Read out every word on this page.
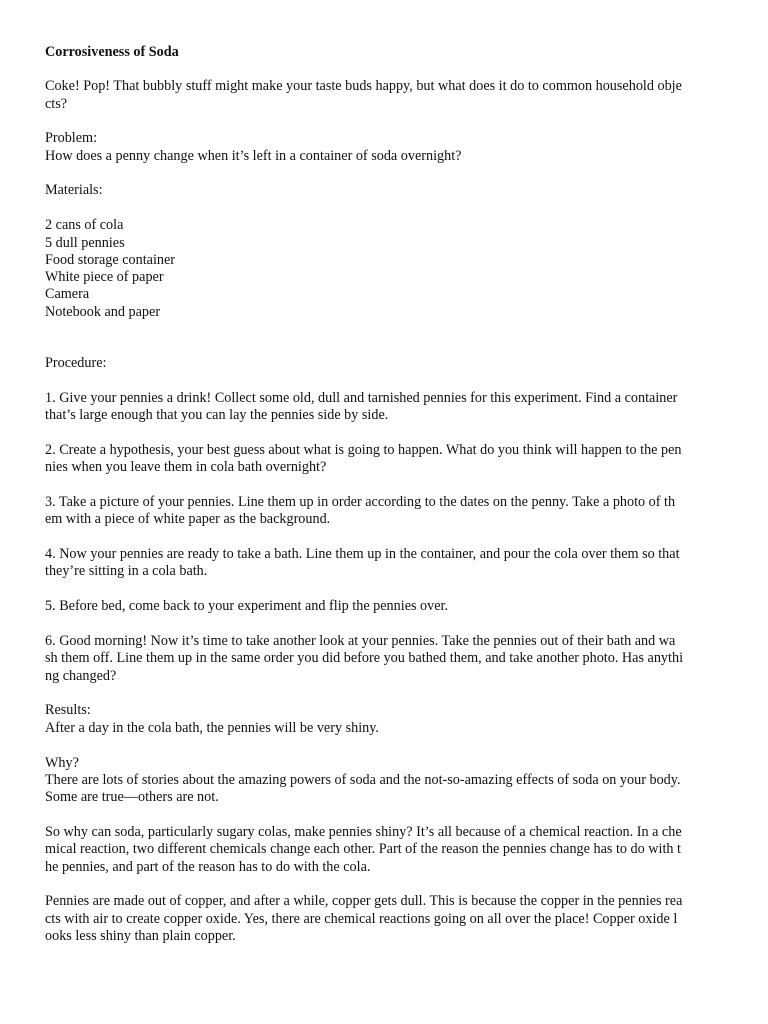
Corrosiveness of Soda
Coke! Pop! That bubbly stuff might make your taste buds happy, but what does it do to common household obje
cts?
Problem:
How does a penny change when it’s left in a container of soda overnight?
Materials:
2 cans of cola
5 dull pennies
Food storage container
White piece of paper
Camera
Notebook and paper
Procedure:
1. Give your pennies a drink! Collect some old, dull and tarnished pennies for this experiment. Find a container
that’s large enough that you can lay the pennies side by side.
2. Create a hypothesis, your best guess about what is going to happen. What do you think will happen to the pen
nies when you leave them in cola bath overnight?
3. Take a picture of your pennies. Line them up in order according to the dates on the penny. Take a photo of th
em with a piece of white paper as the background.
4. Now your pennies are ready to take a bath. Line them up in the container, and pour the cola over them so that
they’re sitting in a cola bath.
5. Before bed, come back to your experiment and flip the pennies over.
6. Good morning! Now it’s time to take another look at your pennies. Take the pennies out of their bath and wa
sh them off. Line them up in the same order you did before you bathed them, and take another photo. Has anythi
ng changed?
Results:
After a day in the cola bath, the pennies will be very shiny.
Why?
There are lots of stories about the amazing powers of soda and the not-so-amazing effects of soda on your body.
Some are true—others are not.
So why can soda, particularly sugary colas, make pennies shiny? It’s all because of a chemical reaction. In a che
mical reaction, two different chemicals change each other. Part of the reason the pennies change has to do with t
he pennies, and part of the reason has to do with the cola.
Pennies are made out of copper, and after a while, copper gets dull. This is because the copper in the pennies rea
cts with air to create copper oxide. Yes, there are chemical reactions going on all over the place! Copper oxide l
ooks less shiny than plain copper.
